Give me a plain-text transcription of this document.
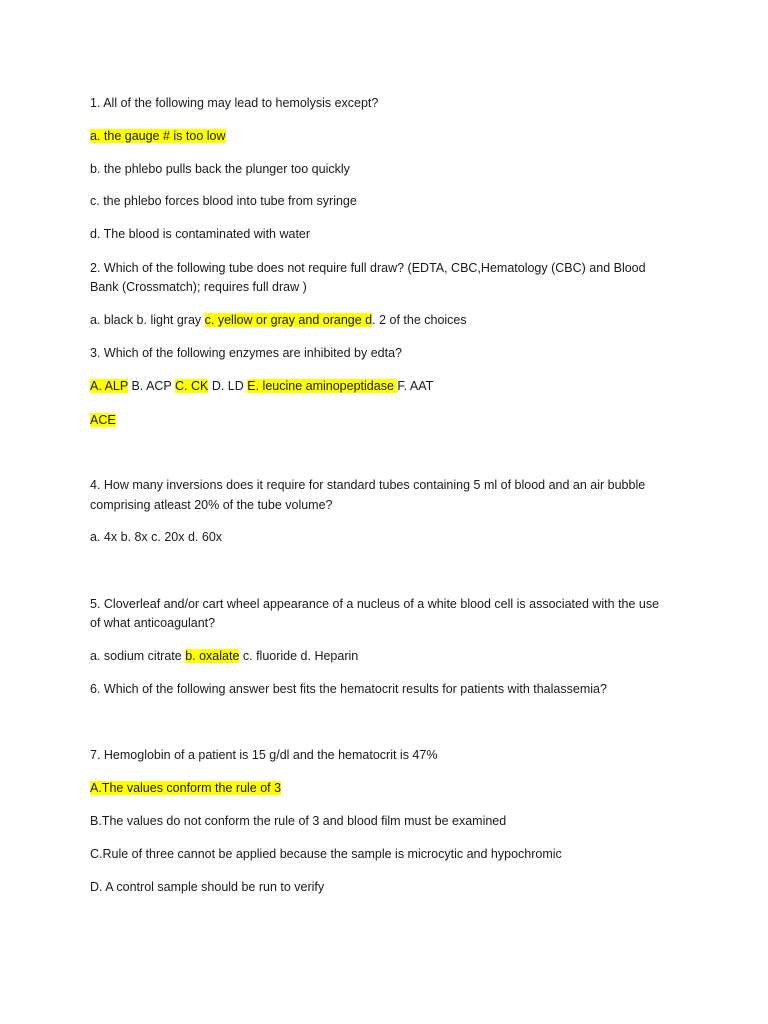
1. All of the following may lead to hemolysis except?
a. the gauge # is too low
b. the phlebo pulls back the plunger too quickly
c. the phlebo forces blood into tube from syringe
d. The blood is contaminated with water
2. Which of the following tube does not require full draw? (EDTA, CBC,Hematology (CBC) and Blood
Bank (Crossmatch); requires full draw )
a. black b. light gray c. yellow or gray and orange d. 2 of the choices
3. Which of the following enzymes are inhibited by edta?
A. ALP B. ACP C. CK D. LD E. leucine aminopeptidase F. AAT
ACE
4. How many inversions does it require for standard tubes containing 5 ml of blood and an air bubble
comprising atleast 20% of the tube volume?
a. 4x b. 8x c. 20x d. 60x
5. Cloverleaf and/or cart wheel appearance of a nucleus of a white blood cell is associated with the use
of what anticoagulant?
a. sodium citrate b. oxalate c. fluoride d. Heparin
6. Which of the following answer best fits the hematocrit results for patients with thalassemia?
7. Hemoglobin of a patient is 15 g/dl and the hematocrit is 47%
A.The values conform the rule of 3
B.The values do not conform the rule of 3 and blood film must be examined
C.Rule of three cannot be applied because the sample is microcytic and hypochromic
D. A control sample should be run to verify
